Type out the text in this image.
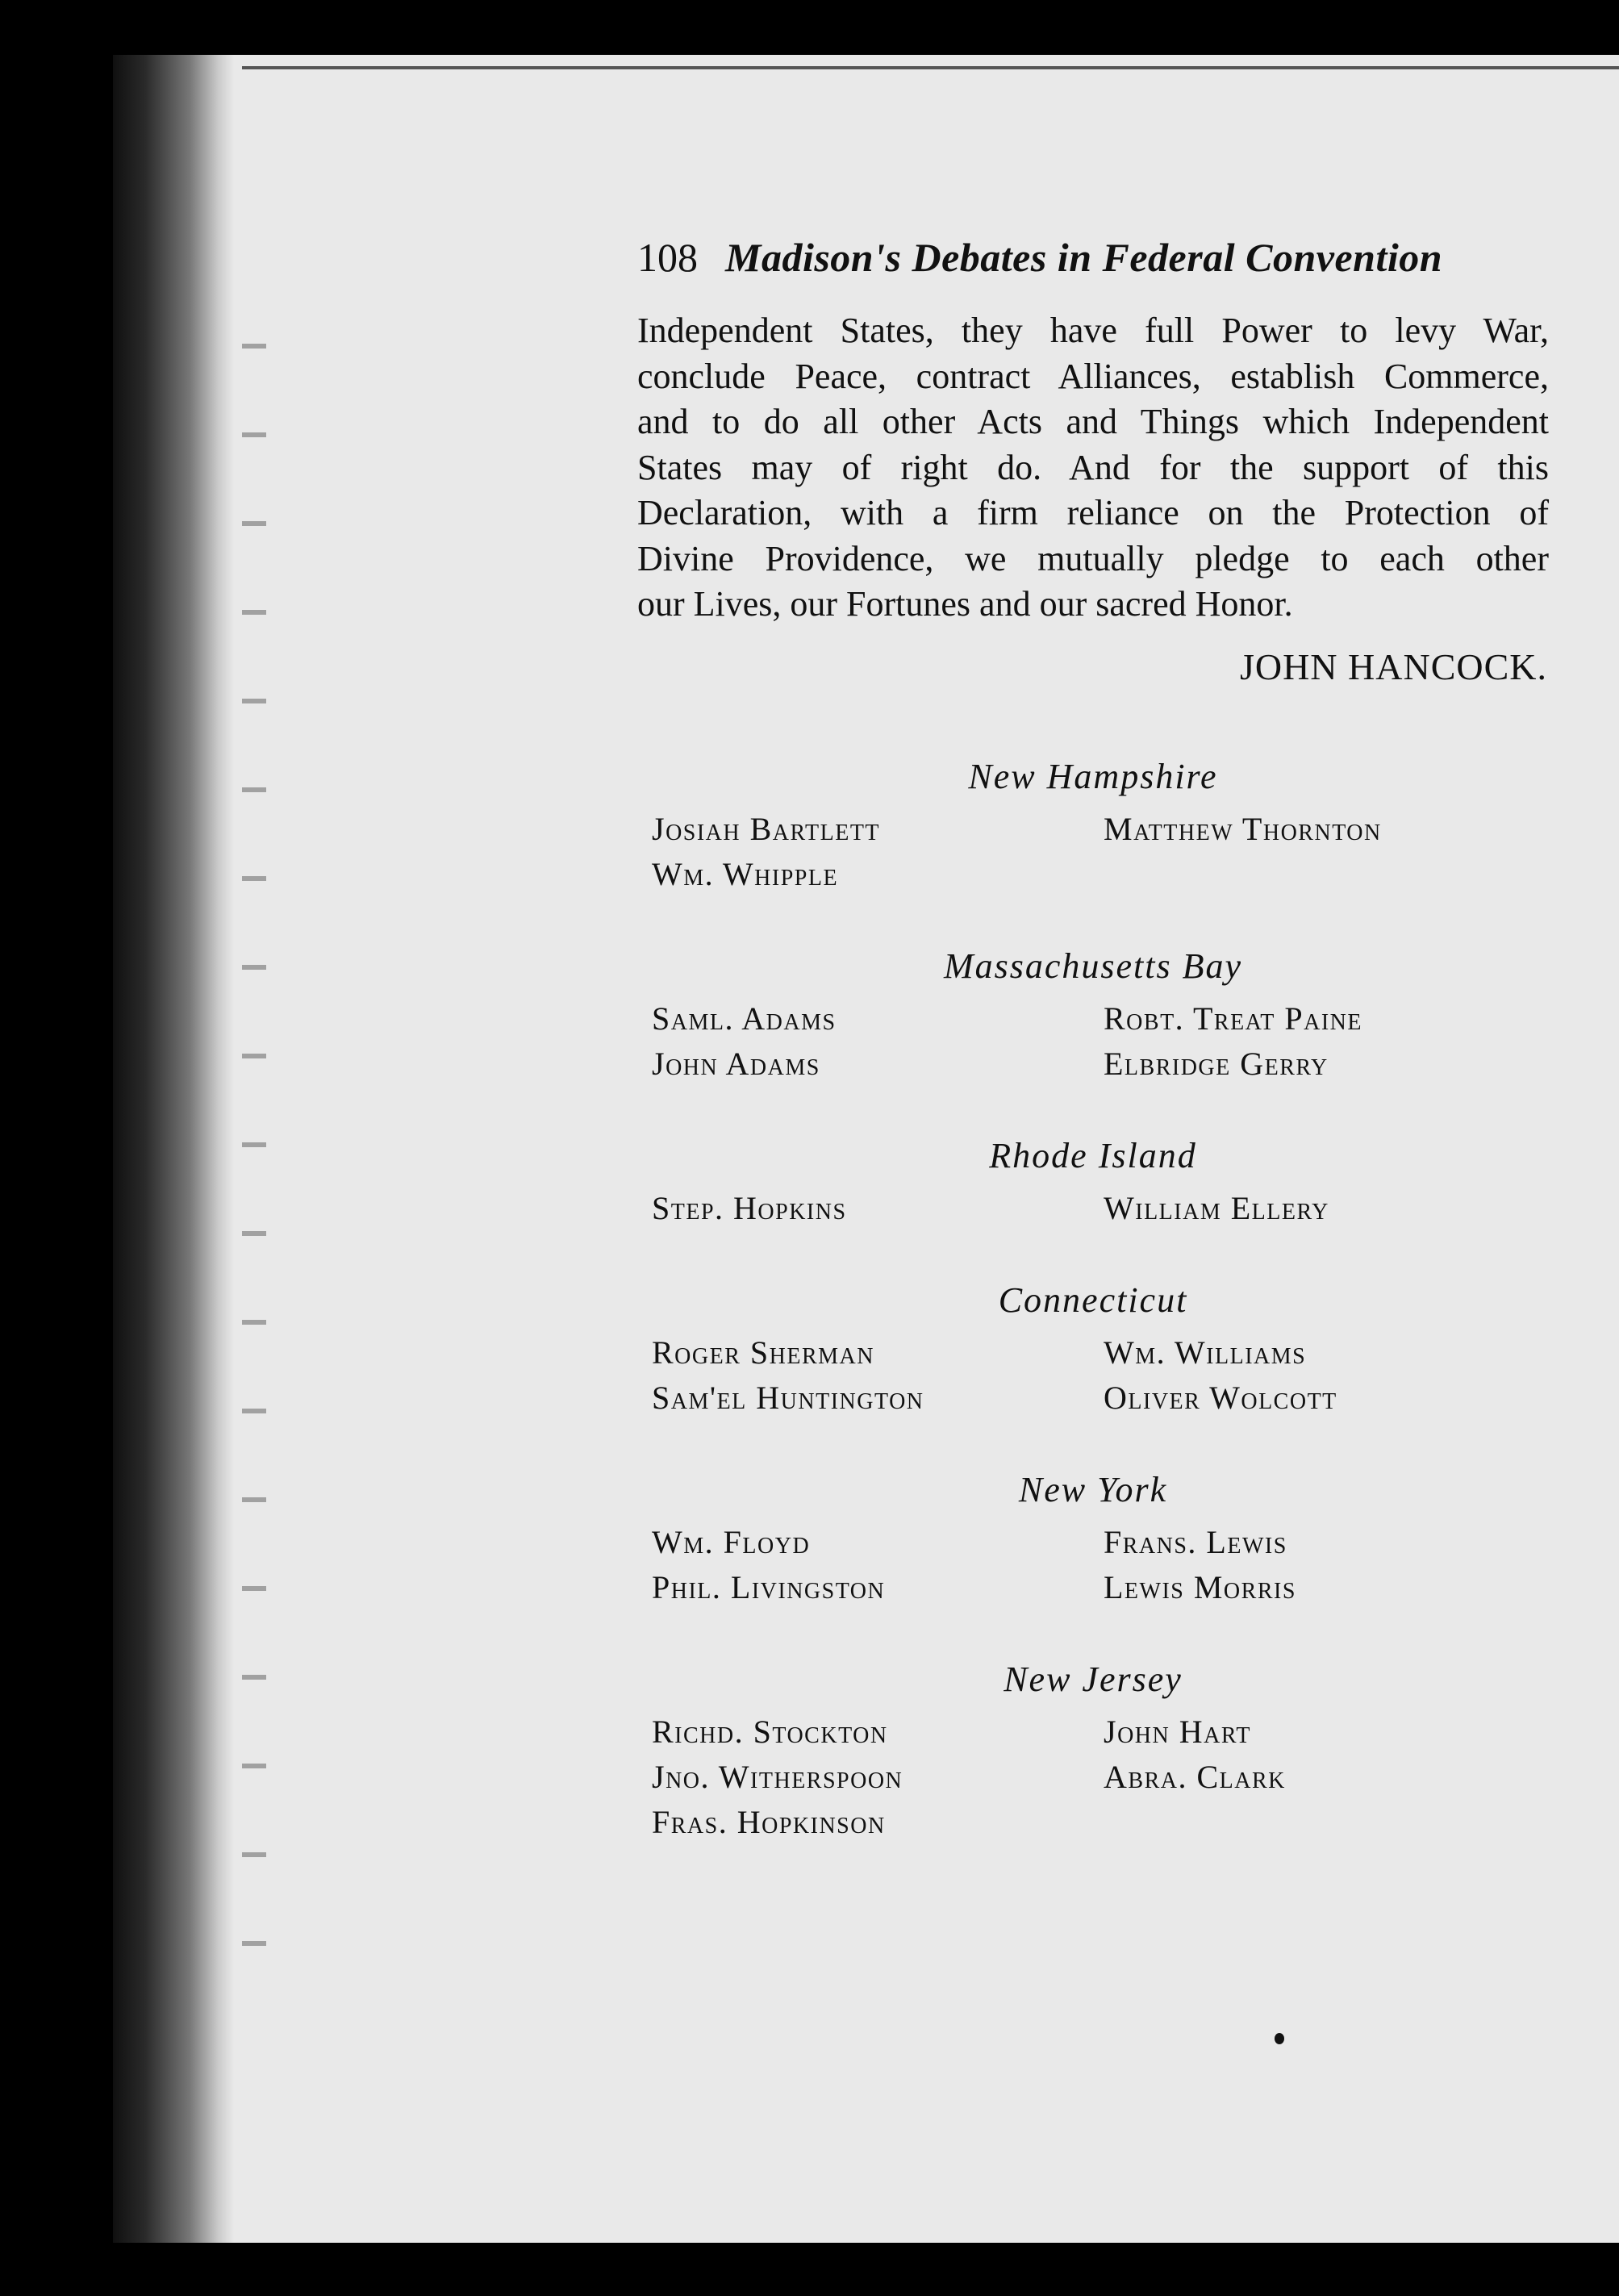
108 Madison's Debates in Federal Convention
Independent States, they have full Power to levy War,
conclude Peace, contract Alliances, establish Commerce,
and to do all other Acts and Things which Independent
States may of right do. And for the support of this
Declaration, with a firm reliance on the Protection of
Divine Providence, we mutually pledge to each other
our Lives, our Fortunes and our sacred Honor.
JOHN HANCOCK.
New Hampshire
Josiah Bartlett	Matthew Thornton
Wm. Whipple
Massachusetts Bay
Saml. Adams	Robt. Treat Paine
John Adams	Elbridge Gerry
Rhode Island
Step. Hopkins	William Ellery
Connecticut
Roger Sherman	Wm. Williams
Sam'el Huntington	Oliver Wolcott
New York
Wm. Floyd	Frans. Lewis
Phil. Livingston	Lewis Morris
New Jersey
Richd. Stockton	John Hart
Jno. Witherspoon	Abra. Clark
Fras. Hopkinson
